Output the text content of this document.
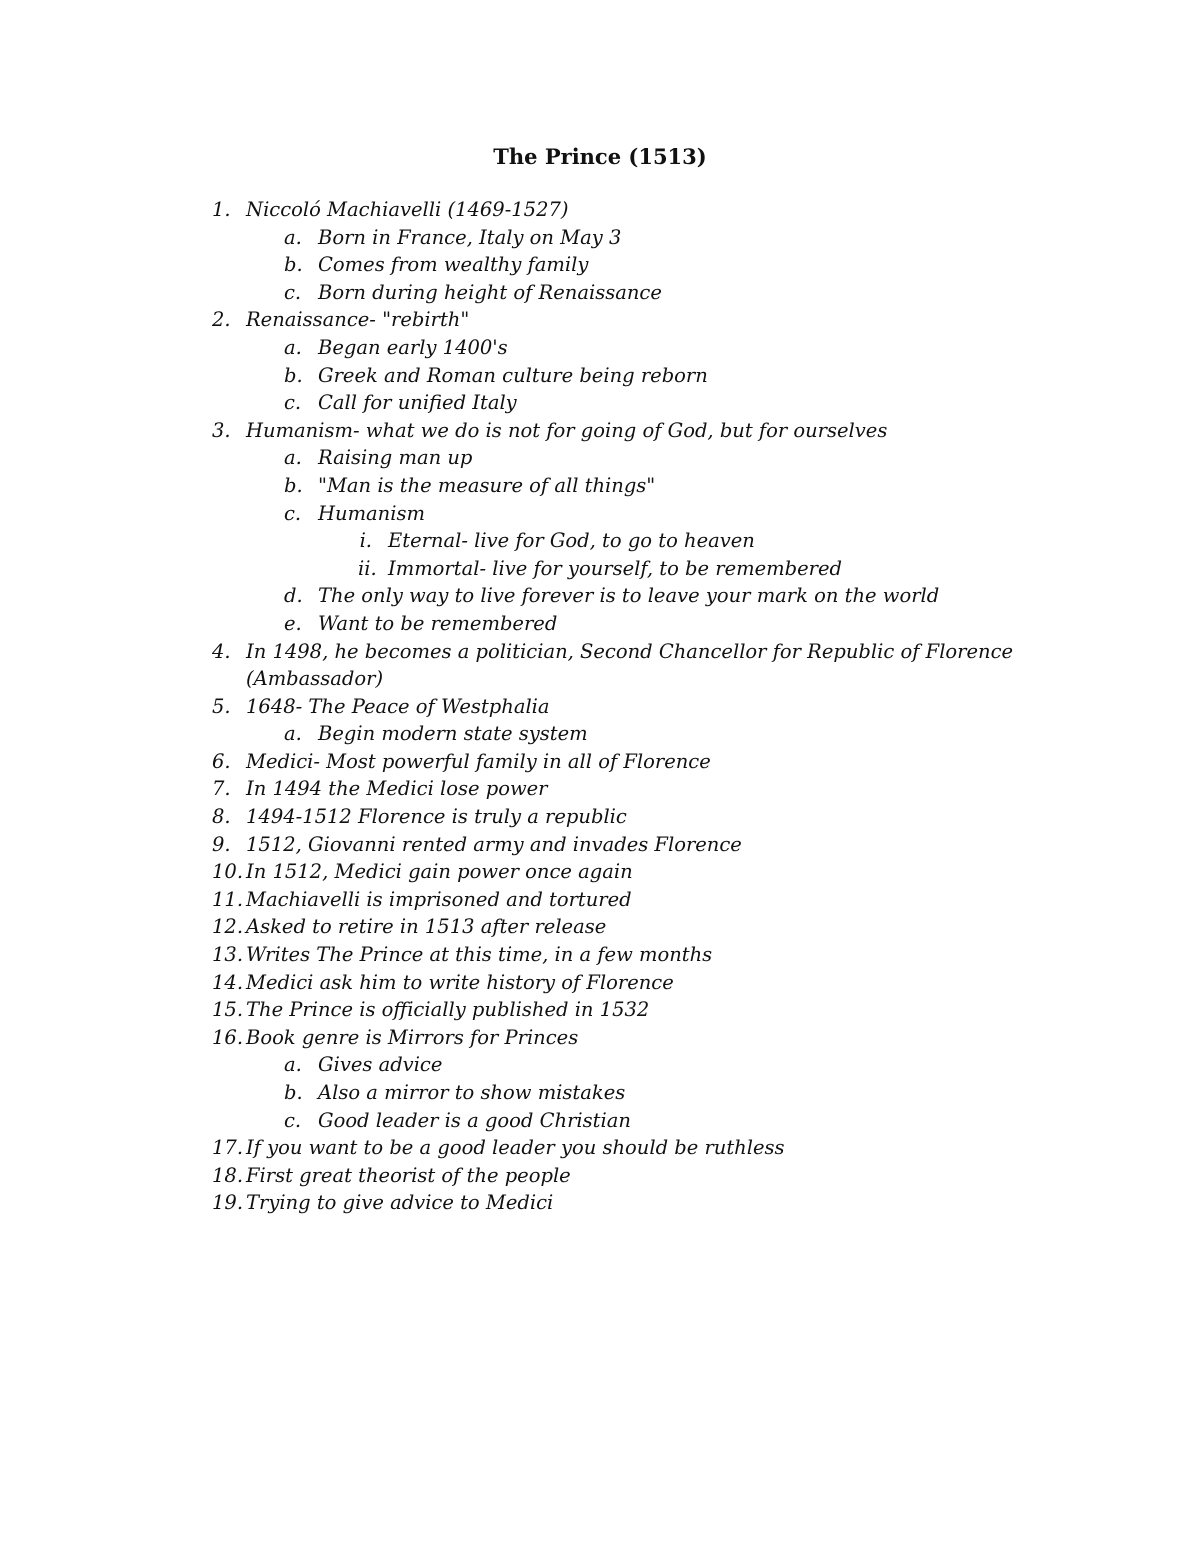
The Prince (1513)
1. Niccoló Machiavelli (1469-1527)
a. Born in France, Italy on May 3
b. Comes from wealthy family
c. Born during height of Renaissance
2. Renaissance- "rebirth"
a. Began early 1400's
b. Greek and Roman culture being reborn
c. Call for unified Italy
3. Humanism- what we do is not for going of God, but for ourselves
a. Raising man up
b. "Man is the measure of all things"
c. Humanism
i. Eternal- live for God, to go to heaven
ii. Immortal- live for yourself, to be remembered
d. The only way to live forever is to leave your mark on the world
e. Want to be remembered
4. In 1498, he becomes a politician, Second Chancellor for Republic of Florence
(Ambassador)
5. 1648- The Peace of Westphalia
a. Begin modern state system
6. Medici- Most powerful family in all of Florence
7. In 1494 the Medici lose power
8. 1494-1512 Florence is truly a republic
9. 1512, Giovanni rented army and invades Florence
10. In 1512, Medici gain power once again
11. Machiavelli is imprisoned and tortured
12. Asked to retire in 1513 after release
13. Writes The Prince at this time, in a few months
14. Medici ask him to write history of Florence
15. The Prince is officially published in 1532
16. Book genre is Mirrors for Princes
a. Gives advice
b. Also a mirror to show mistakes
c. Good leader is a good Christian
17. If you want to be a good leader you should be ruthless
18. First great theorist of the people
19. Trying to give advice to Medici
